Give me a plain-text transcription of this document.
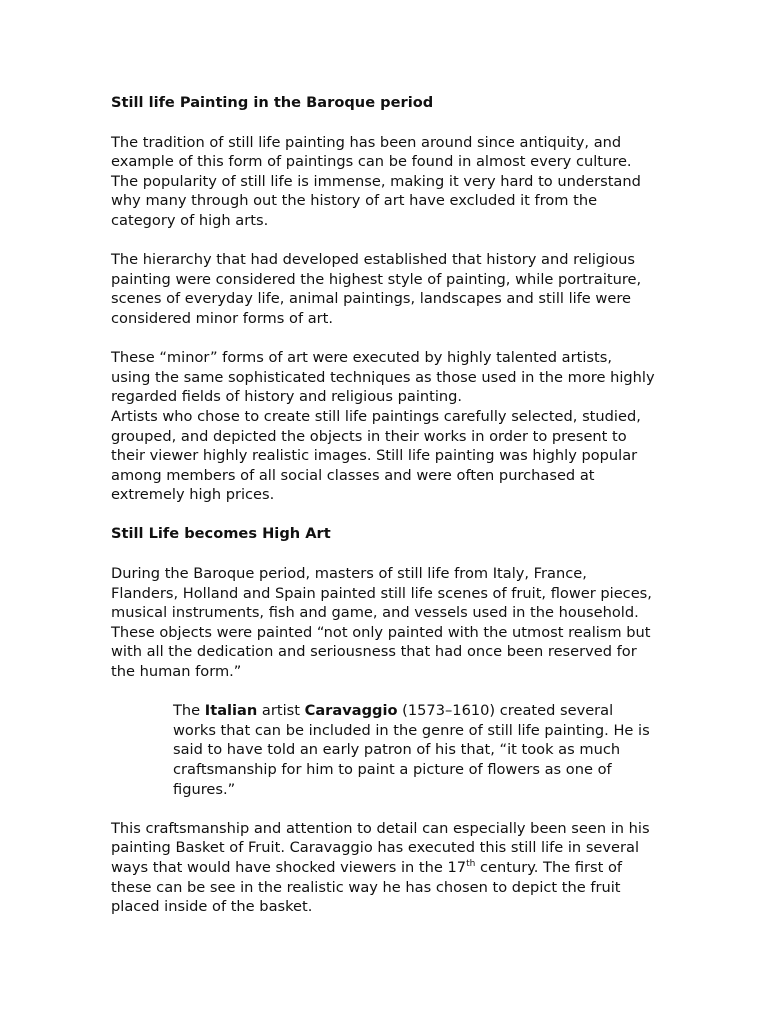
Still life Painting in the Baroque period

The tradition of still life painting has been around since antiquity, and example of this form of paintings can be found in almost every culture. The popularity of still life is immense, making it very hard to understand why many through out the history of art have excluded it from the category of high arts.

The hierarchy that had developed established that history and religious painting were considered the highest style of painting, while portraiture, scenes of everyday life, animal paintings, landscapes and still life were considered minor forms of art.

These “minor” forms of art were executed by highly talented artists, using the same sophisticated techniques as those used in the more highly regarded fields of history and religious painting.

Artists who chose to create still life paintings carefully selected, studied, grouped, and depicted the objects in their works in order to present to their viewer highly realistic images. Still life painting was highly popular among members of all social classes and were often purchased at extremely high prices.

Still Life becomes High Art

During the Baroque period, masters of still life from Italy, France, Flanders, Holland and Spain painted still life scenes of fruit, flower pieces, musical instruments, fish and game, and vessels used in the household. These objects were painted “not only painted with the utmost realism but with all the dedication and seriousness that had once been reserved for the human form.”

The Italian artist Caravaggio (1573–1610) created several works that can be included in the genre of still life painting. He is said to have told an early patron of his that, “it took as much craftsmanship for him to paint a picture of flowers as one of figures.”

This craftsmanship and attention to detail can especially been seen in his painting Basket of Fruit. Caravaggio has executed this still life in several ways that would have shocked viewers in the 17th century. The first of these can be see in the realistic way he has chosen to depict the fruit placed inside of the basket.
